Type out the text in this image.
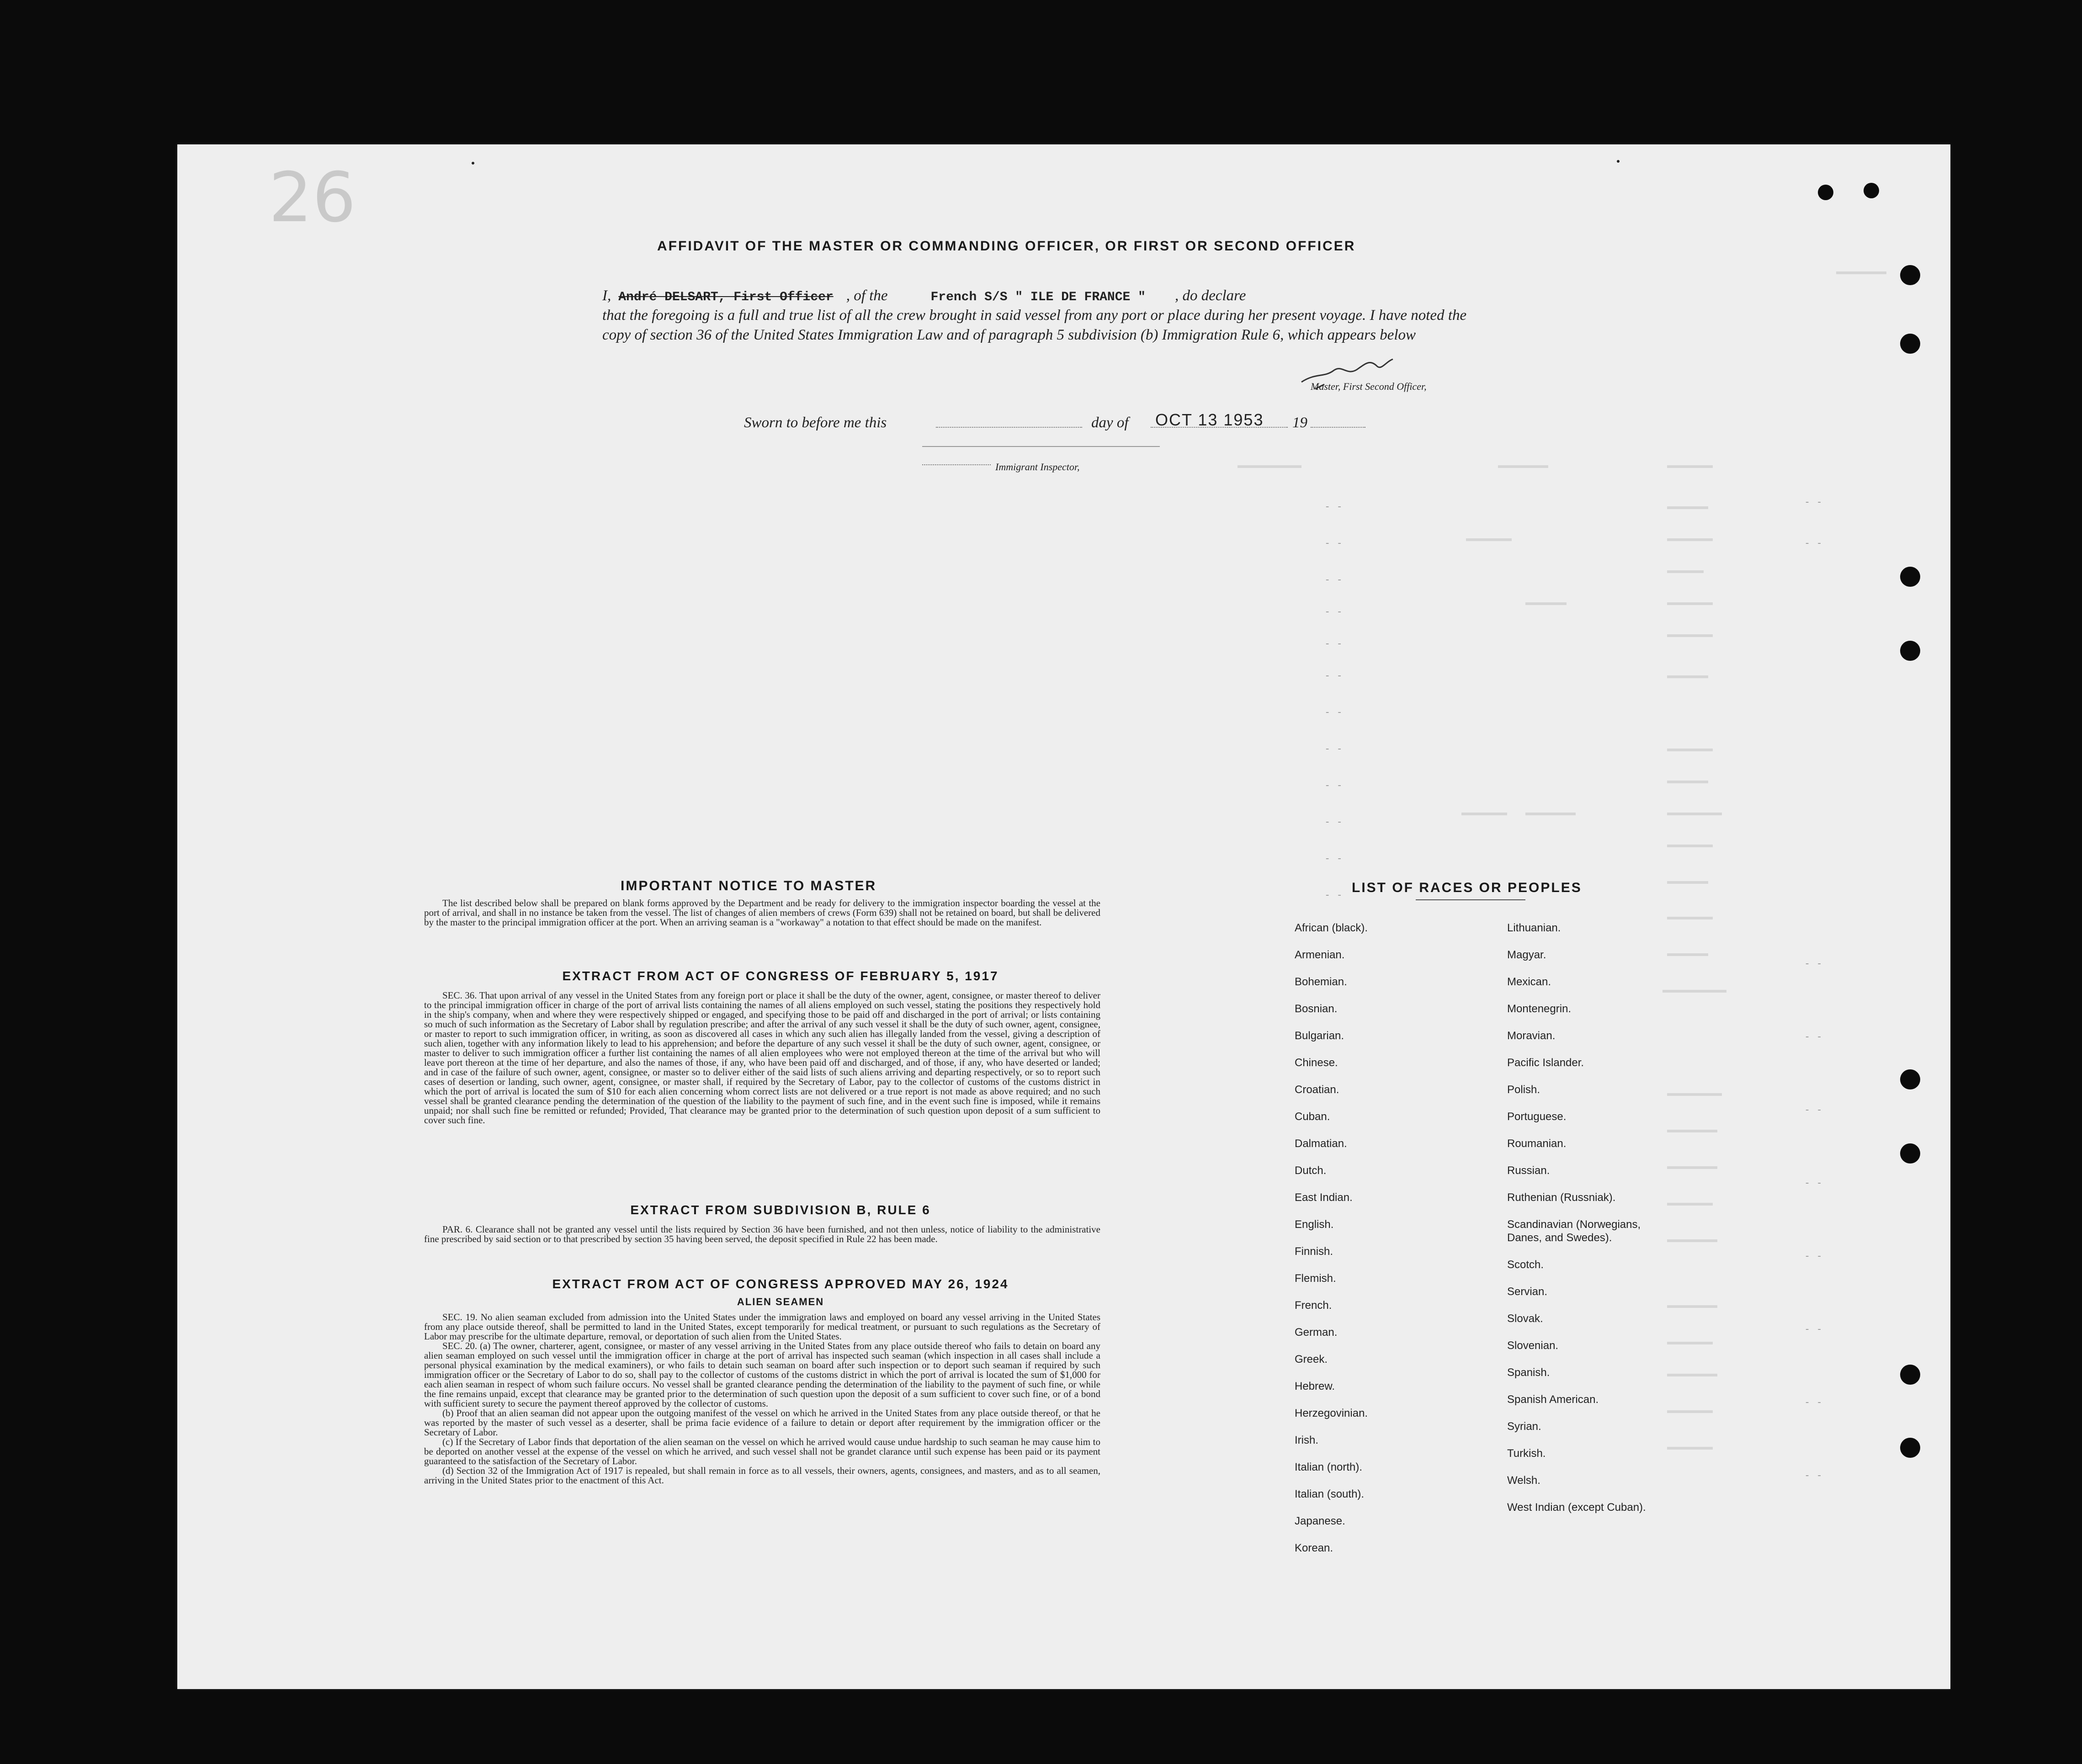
26
- -
- -
- -
- -
- -
- -
- -
- -
- -
- -
- -
- -
- -
- -
- -
- -
- -
- -
- -
- -
- -
- -
AFFIDAVIT OF THE MASTER OR COMMANDING OFFICER, OR FIRST OR SECOND OFFICER
I, André DELSART, First Officer , of the	French S/S " ILE DE FRANCE " , do declare
that the foregoing is a full and true list of all the crew brought in said vessel from any port or place during her present voyage. I have noted the copy of section 36 of the United States Immigration Law and of paragraph 5 subdivision (b) Immigration Rule 6, which appears below
Master, First Second Officer,
Sworn to before me this	day of OCT 13 1953 19
Immigrant Inspector,
IMPORTANT NOTICE TO MASTER

The list described below shall be prepared on blank forms approved by the Department and be ready for delivery to the immigration inspector boarding the vessel at the port of arrival, and shall in no instance be taken from the vessel. The list of changes of alien members of crews (Form 639) shall not be retained on board, but shall be delivered by the master to the principal immigration officer at the port. When an arriving seaman is a "workaway" a notation to that effect should be made on the manifest.

EXTRACT FROM ACT OF CONGRESS OF FEBRUARY 5, 1917

SEC. 36. That upon arrival of any vessel in the United States from any foreign port or place it shall be the duty of the owner, agent, consignee, or master thereof to deliver to the principal immigration officer in charge of the port of arrival lists containing the names of all aliens employed on such vessel, stating the positions they respectively hold in the ship's company, when and where they were respectively shipped or engaged, and specifying those to be paid off and discharged in the port of arrival; or lists containing so much of such information as the Secretary of Labor shall by regulation prescribe; and after the arrival of any such vessel it shall be the duty of such owner, agent, consignee, or master to report to such immigration officer, in writing, as soon as discovered all cases in which any such alien has illegally landed from the vessel, giving a description of such alien, together with any information likely to lead to his apprehension; and before the departure of any such vessel it shall be the duty of such owner, agent, consignee, or master to deliver to such immigration officer a further list containing the names of all alien employees who were not employed thereon at the time of the arrival but who will leave port thereon at the time of her departure, and also the names of those, if any, who have been paid off and discharged, and of those, if any, who have deserted or landed; and in case of the failure of such owner, agent, consignee, or master so to deliver either of the said lists of such aliens arriving and departing respectively, or so to report such cases of desertion or landing, such owner, agent, consignee, or master shall, if required by the Secretary of Labor, pay to the collector of customs of the customs district in which the port of arrival is located the sum of $10 for each alien concerning whom correct lists are not delivered or a true report is not made as above required; and no such vessel shall be granted clearance pending the determination of the question of the liability to the payment of such fine, and in the event such fine is imposed, while it remains unpaid; nor shall such fine be remitted or refunded; Provided, That clearance may be granted prior to the determination of such question upon deposit of a sum sufficient to cover such fine.

EXTRACT FROM SUBDIVISION B, RULE 6

PAR. 6. Clearance shall not be granted any vessel until the lists required by Section 36 have been furnished, and not then unless, notice of liability to the administrative fine prescribed by said section or to that prescribed by section 35 having been served, the deposit specified in Rule 22 has been made.

EXTRACT FROM ACT OF CONGRESS APPROVED MAY 26, 1924
ALIEN SEAMEN

SEC. 19. No alien seaman excluded from admission into the United States under the immigration laws and employed on board any vessel arriving in the United States from any place outside thereof, shall be permitted to land in the United States, except temporarily for medical treatment, or pursuant to such regulations as the Secretary of Labor may prescribe for the ultimate departure, removal, or deportation of such alien from the United States.

SEC. 20. (a) The owner, charterer, agent, consignee, or master of any vessel arriving in the United States from any place outside thereof who fails to detain on board any alien seaman employed on such vessel until the immigration officer in charge at the port of arrival has inspected such seaman (which inspection in all cases shall include a personal physical examination by the medical examiners), or who fails to detain such seaman on board after such inspection or to deport such seaman if required by such immigration officer or the Secretary of Labor to do so, shall pay to the collector of customs of the customs district in which the port of arrival is located the sum of $1,000 for each alien seaman in respect of whom such failure occurs. No vessel shall be granted clearance pending the determination of the liability to the payment of such fine, or while the fine remains unpaid, except that clearance may be granted prior to the determination of such question upon the deposit of a sum sufficient to cover such fine, or of a bond with sufficient surety to secure the payment thereof approved by the collector of customs.

(b) Proof that an alien seaman did not appear upon the outgoing manifest of the vessel on which he arrived in the United States from any place outside thereof, or that he was reported by the master of such vessel as a deserter, shall be prima facie evidence of a failure to detain or deport after requirement by the immigration officer or the Secretary of Labor.

(c) If the Secretary of Labor finds that deportation of the alien seaman on the vessel on which he arrived would cause undue hardship to such seaman he may cause him to be deported on another vessel at the expense of the vessel on which he arrived, and such vessel shall not be grandet clarance until such expense has been paid or its payment guaranteed to the satisfaction of the Secretary of Labor.

(d) Section 32 of the Immigration Act of 1917 is repealed, but shall remain in force as to all vessels, their owners, agents, consignees, and masters, and as to all seamen, arriving in the United States prior to the enactment of this Act.

LIST OF RACES OR PEOPLES
African (black).
Armenian.
Bohemian.
Bosnian.
Bulgarian.
Chinese.
Croatian.
Cuban.
Dalmatian.
Dutch.
East Indian.
English.
Finnish.
Flemish.
French.
German.
Greek.
Hebrew.
Herzegovinian.
Irish.
Italian (north).
Italian (south).
Japanese.
Korean.
Lithuanian.
Magyar.
Mexican.
Montenegrin.
Moravian.
Pacific Islander.
Polish.
Portuguese.
Roumanian.
Russian.
Ruthenian (Russniak).
Scandinavian (Norwegians, Danes, and Swedes).
Scotch.
Servian.
Slovak.
Slovenian.
Spanish.
Spanish American.
Syrian.
Turkish.
Welsh.
West Indian (except Cuban).
